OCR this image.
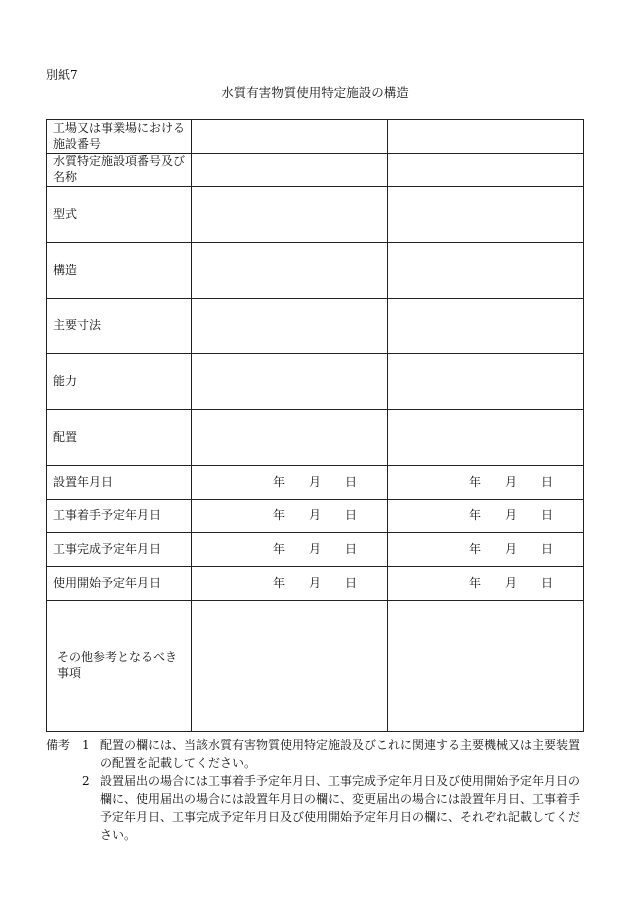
別紙7
水質有害物質使用特定施設の構造
工場又は事業場における施設番号		
水質特定施設項番号及び名称		
型式		
構造		
主要寸法		
能力		
配置		
設置年月日	年 月 日	年 月 日

工事着手予定年月日	年 月 日	年 月 日

工事完成予定年月日	年 月 日	年 月 日

使用開始予定年月日	年 月 日	年 月 日

その他参考となるべき事項		
備考 1 配置の欄には、当該水質有害物質使用特定施設及びこれに関連する主要機械又は主要装置の配置を記載してください。
2 設置届出の場合には工事着手予定年月日、工事完成予定年月日及び使用開始予定年月日の欄に、使用届出の場合には設置年月日の欄に、変更届出の場合には設置年月日、工事着手予定年月日、工事完成予定年月日及び使用開始予定年月日の欄に、それぞれ記載してください。
